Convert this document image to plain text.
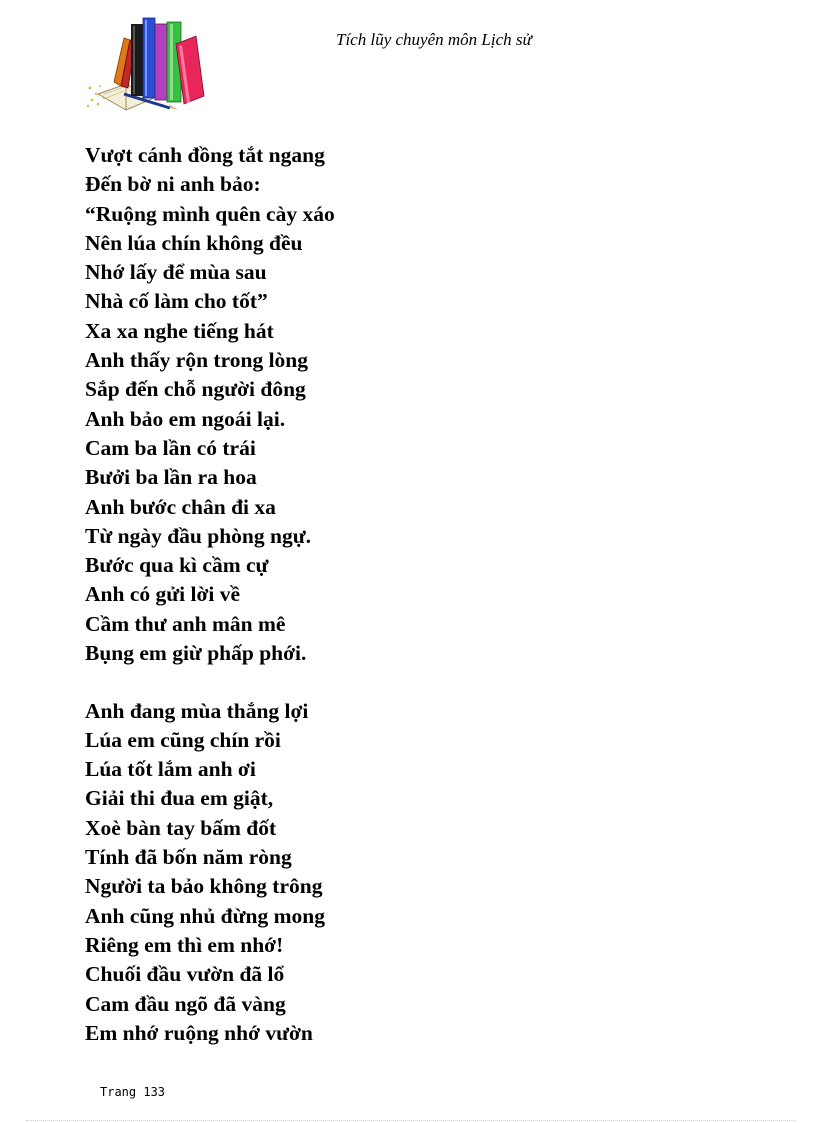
Tích lũy chuyên môn Lịch sử
Vượt cánh đồng tắt ngang
Đến bờ ni anh bảo:
“Ruộng mình quên cày xáo
Nên lúa chín không đều
Nhớ lấy để mùa sau
Nhà cố làm cho tốt”
Xa xa nghe tiếng hát
Anh thấy rộn trong lòng
Sắp đến chỗ người đông
Anh bảo em ngoái lại.
Cam ba lần có trái
Bưởi ba lần ra hoa
Anh bước chân đi xa
Từ ngày đầu phòng ngự.
Bước qua kì cầm cự
Anh có gửi lời về
Cầm thư anh mân mê
Bụng em giừ phấp phới.
Anh đang mùa thắng lợi
Lúa em cũng chín rồi
Lúa tốt lắm anh ơi
Giải thi đua em giật,
Xoè bàn tay bấm đốt
Tính đã bốn năm ròng
Người ta bảo không trông
Anh cũng nhủ đừng mong
Riêng em thì em nhớ!
Chuối đầu vườn đã lổ
Cam đầu ngõ đã vàng
Em nhớ ruộng nhớ vườn
Trang 133
